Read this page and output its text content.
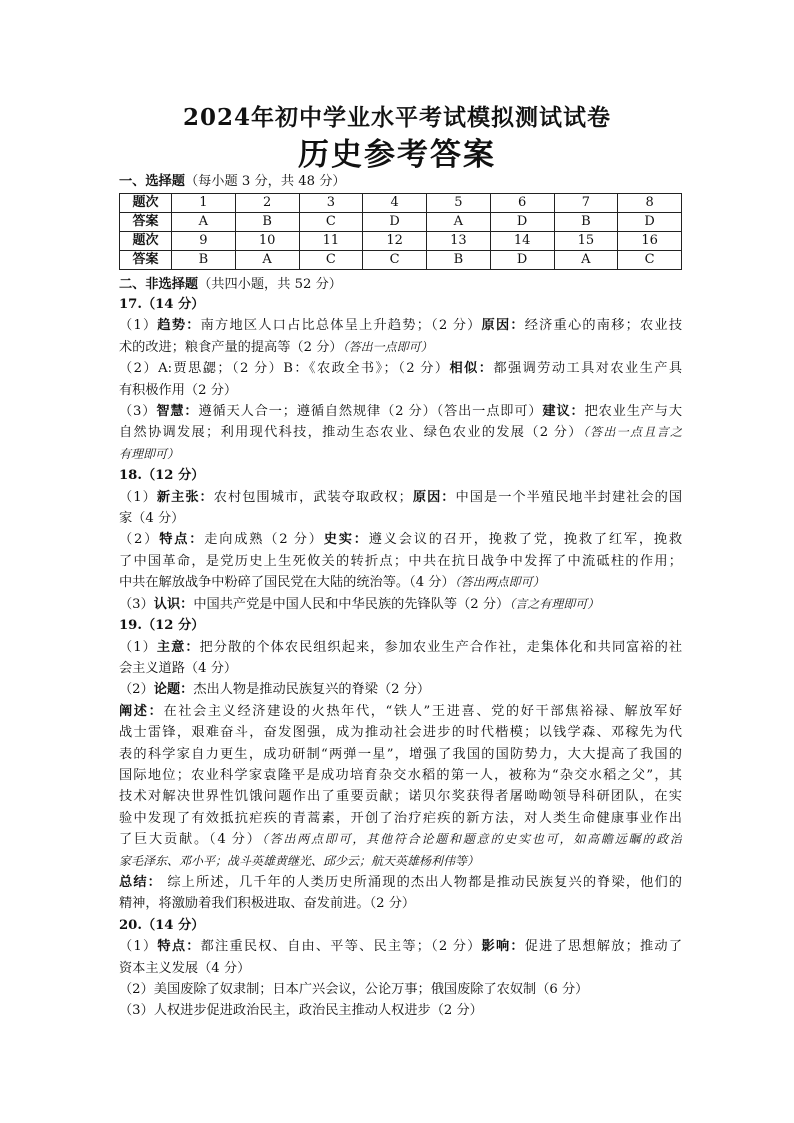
2024年初中学业水平考试模拟测试试卷
历史参考答案
一、选择题（每小题 3 分，共 48 分）
题次	1	2	3	4	5	6	7	8
答案	A	B	C	D	A	D	B	D
题次	9	10	11	12	13	14	15	16
答案	B	A	C	C	B	D	A	C
二、非选择题（共四小题，共 52 分）
17.（14 分）
（1）趋势：南方地区人口占比总体呈上升趋势；（2 分）原因：经济重心的南移；农业技
术的改进；粮食产量的提高等（2 分）（答出一点即可）
（2）A:贾思勰；（2 分）B：《农政全书》；（2 分）相似：都强调劳动工具对农业生产具
有积极作用（2 分）
（3）智慧：遵循天人合一；遵循自然规律（2 分）（答出一点即可）建议：把农业生产与大
自然协调发展；利用现代科技，推动生态农业、绿色农业的发展（2 分）（答出一点且言之
有理即可）
18.（12 分）
（1）新主张：农村包围城市，武装夺取政权；原因：中国是一个半殖民地半封建社会的国
家（4 分）
（2）特点：走向成熟（2 分）史实：遵义会议的召开，挽救了党，挽救了红军，挽救
了中国革命，是党历史上生死攸关的转折点；中共在抗日战争中发挥了中流砥柱的作用；
中共在解放战争中粉碎了国民党在大陆的统治等。（4 分）（答出两点即可）
（3）认识：中国共产党是中国人民和中华民族的先锋队等（2 分）（言之有理即可）
19.（12 分）
（1）主意：把分散的个体农民组织起来，参加农业生产合作社，走集体化和共同富裕的社
会主义道路（4 分）
（2）论题：杰出人物是推动民族复兴的脊梁（2 分）
阐述：在社会主义经济建设的火热年代，“铁人”王进喜、党的好干部焦裕禄、解放军好
战士雷锋，艰难奋斗，奋发图强，成为推动社会进步的时代楷模；以钱学森、邓稼先为代
表的科学家自力更生，成功研制“两弹一星”，增强了我国的国防势力，大大提高了我国的
国际地位；农业科学家袁隆平是成功培育杂交水稻的第一人，被称为“杂交水稻之父”，其
技术对解决世界性饥饿问题作出了重要贡献；诺贝尔奖获得者屠呦呦领导科研团队，在实
验中发现了有效抵抗疟疾的青蒿素，开创了治疗疟疾的新方法，对人类生命健康事业作出
了巨大贡献。（4 分）（答出两点即可，其他符合论题和题意的史实也可，如高瞻远瞩的政治
家毛泽东、邓小平；战斗英雄黄继光、邱少云；航天英雄杨利伟等）
总结： 综上所述，几千年的人类历史所涌现的杰出人物都是推动民族复兴的脊梁，他们的
精神，将激励着我们积极进取、奋发前进。（2 分）
20.（14 分）
（1）特点：都注重民权、自由、平等、民主等；（2 分）影响：促进了思想解放；推动了
资本主义发展（4 分）
（2）美国废除了奴隶制；日本广兴会议，公论万事；俄国废除了农奴制（6 分）
（3）人权进步促进政治民主，政治民主推动人权进步（2 分）
